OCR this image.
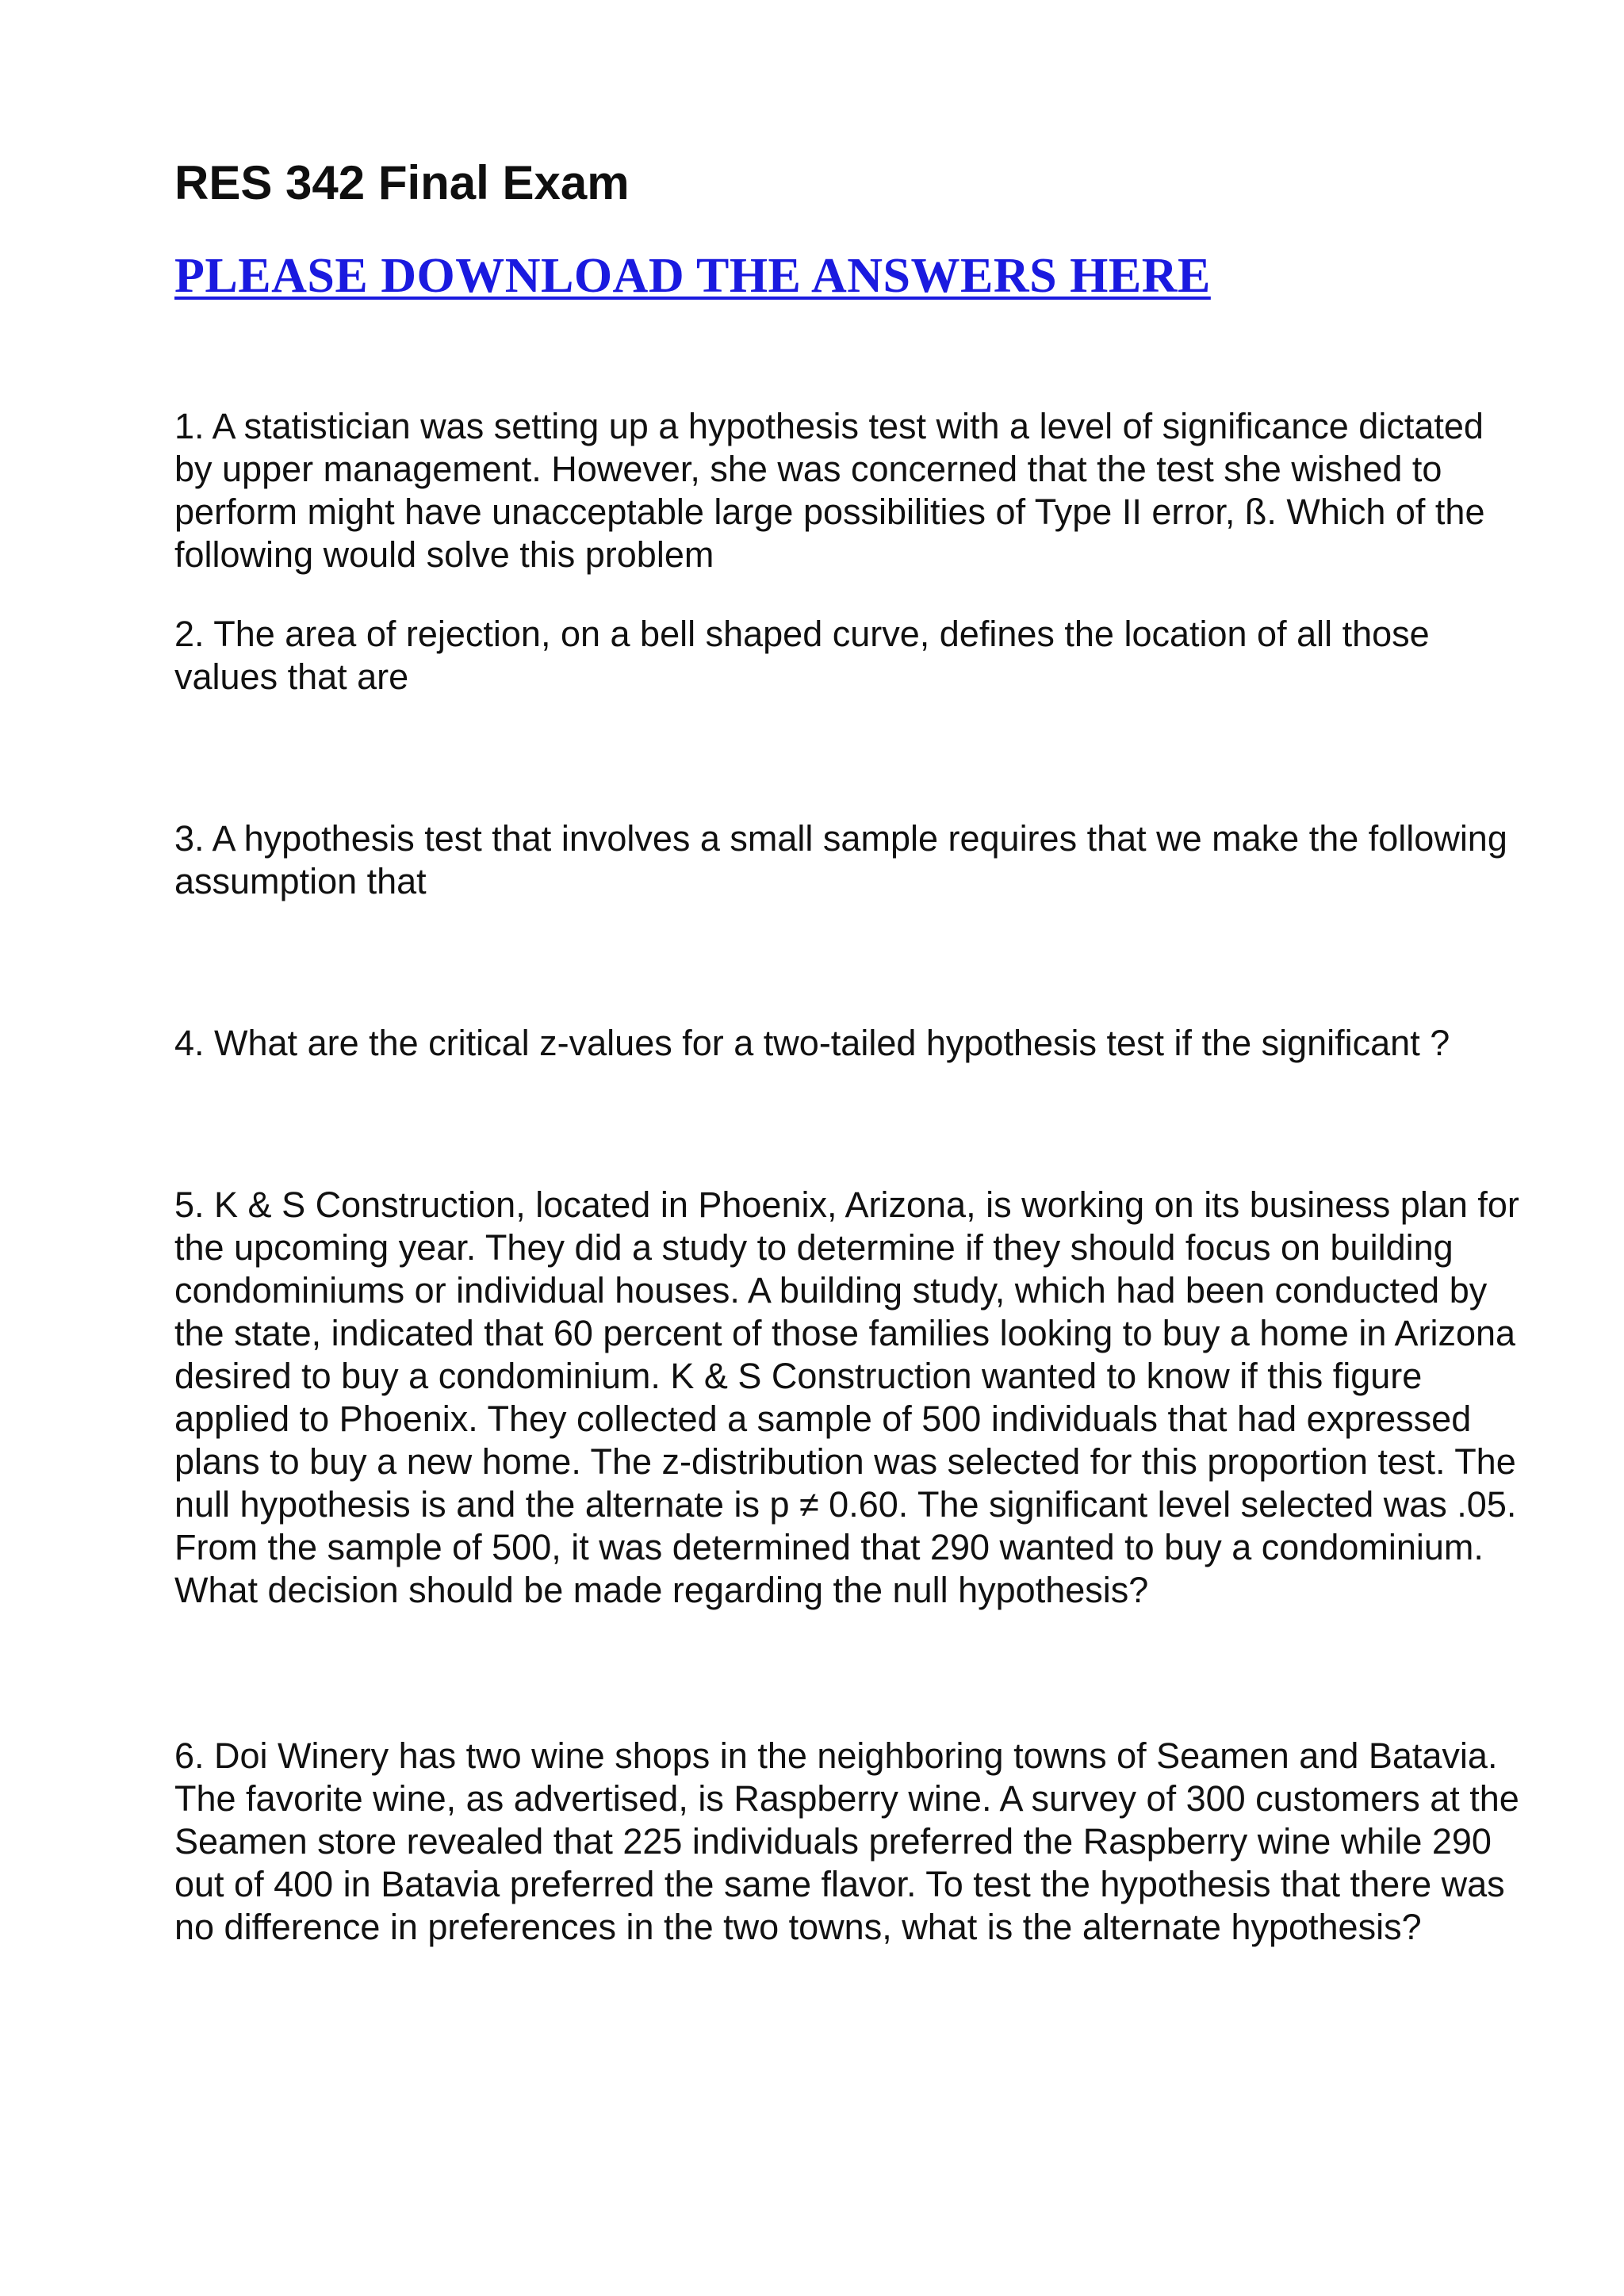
RES 342 Final Exam
PLEASE DOWNLOAD THE ANSWERS HERE

1. A statistician was setting up a hypothesis test with a level of significance dictated by upper management. However, she was concerned that the test she wished to perform might have unacceptable large possibilities of Type II error, ß. Which of the following would solve this problem

2. The area of rejection, on a bell shaped curve, defines the location of all those values that are

3. A hypothesis test that involves a small sample requires that we make the following assumption that

4. What are the critical z-values for a two-tailed hypothesis test if the significant ?

5. K & S Construction, located in Phoenix, Arizona, is working on its business plan for the upcoming year. They did a study to determine if they should focus on building condominiums or individual houses. A building study, which had been conducted by the state, indicated that 60 percent of those families looking to buy a home in Arizona desired to buy a condominium. K & S Construction wanted to know if this figure applied to Phoenix. They collected a sample of 500 individuals that had expressed plans to buy a new home. The z-distribution was selected for this proportion test. The null hypothesis is and the alternate is p ≠ 0.60. The significant level selected was .05. From the sample of 500, it was determined that 290 wanted to buy a condominium. What decision should be made regarding the null hypothesis?

6. Doi Winery has two wine shops in the neighboring towns of Seamen and Batavia. The favorite wine, as advertised, is Raspberry wine. A survey of 300 customers at the Seamen store revealed that 225 individuals preferred the Raspberry wine while 290 out of 400 in Batavia preferred the same flavor. To test the hypothesis that there was no difference in preferences in the two towns, what is the alternate hypothesis?
